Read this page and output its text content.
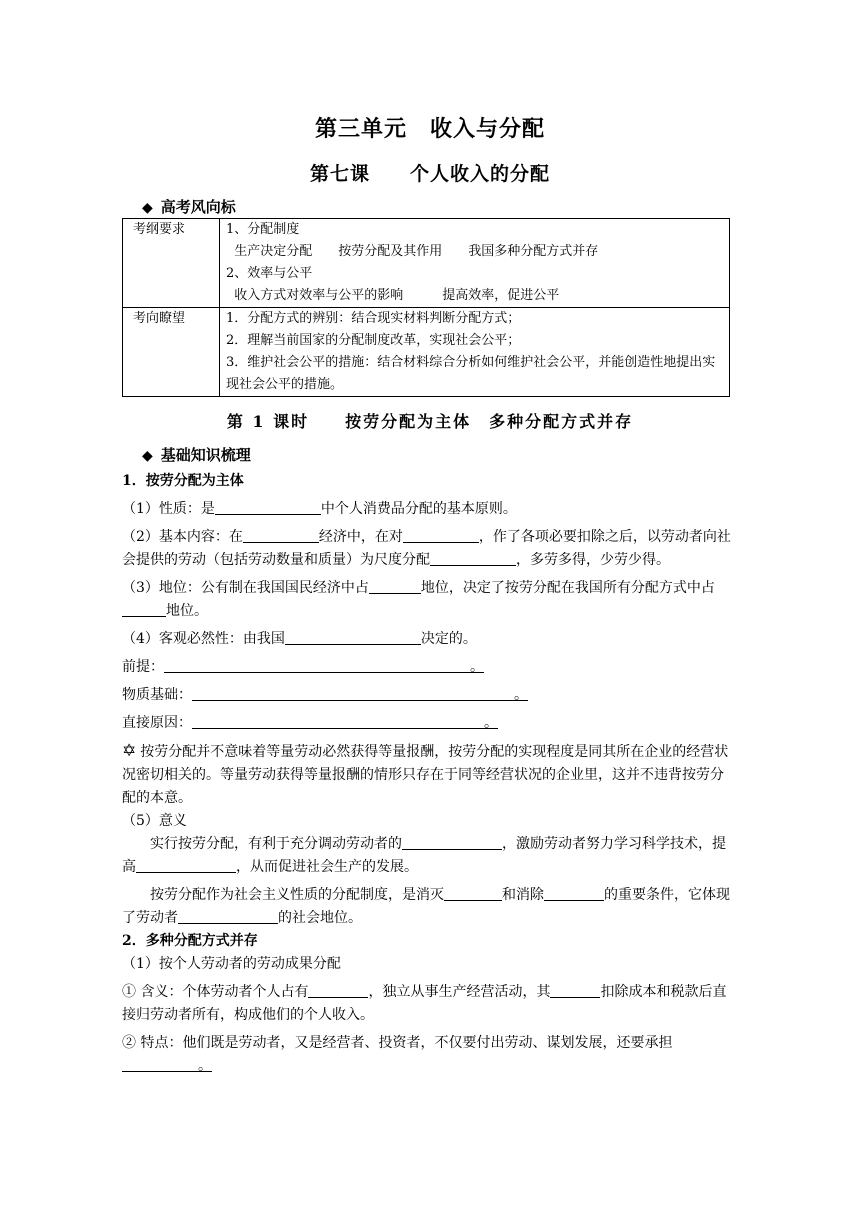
第三单元　收入与分配
第七课　　个人收入的分配
◆ 高考风向标
考纲要求	1、分配制度
生产决定分配　　按劳分配及其作用　　我国多种分配方式并存
2、效率与公平
收入方式对效率与公平的影响　　　提高效率，促进公平

考向瞭望	1．分配方式的辨别：结合现实材料判断分配方式；
2．理解当前国家的分配制度改革，实现社会公平；
3．维护社会公平的措施：结合材料综合分析如何维护社会公平，并能创造性地提出实现社会公平的措施。
第 1 课时　　按劳分配为主体　多种分配方式并存
◆ 基础知识梳理

1．按劳分配为主体

（1）性质：是	中个人消费品分配的基本原则。

（2）基本内容：在	经济中，在对	，作了各项必要扣除之后，以劳动者向社会提供的劳动（包括劳动数量和质量）为尺度分配	，多劳多得，少劳少得。

（3）地位：公有制在我国国民经济中占	地位，决定了按劳分配在我国所有分配方式中占地位。

（4）客观必然性：由我国	决定的。

前提：	。

物质基础：	。

直接原因：	。

✡ 按劳分配并不意味着等量劳动必然获得等量报酬，按劳分配的实现程度是同其所在企业的经营状况密切相关的。等量劳动获得等量报酬的情形只存在于同等经营状况的企业里，这并不违背按劳分配的本意。

（5）意义

实行按劳分配，有利于充分调动劳动者的	，激励劳动者努力学习科学技术，提高	，从而促进社会生产的发展。

按劳分配作为社会主义性质的分配制度，是消灭	和消除	的重要条件，它体现了劳动者	的社会地位。

2．多种分配方式并存

（1）按个人劳动者的劳动成果分配

① 含义：个体劳动者个人占有	，独立从事生产经营活动，其	扣除成本和税款后直接归劳动者所有，构成他们的个人收入。

② 特点：他们既是劳动者，又是经营者、投资者，不仅要付出劳动、谋划发展，还要承担
。
